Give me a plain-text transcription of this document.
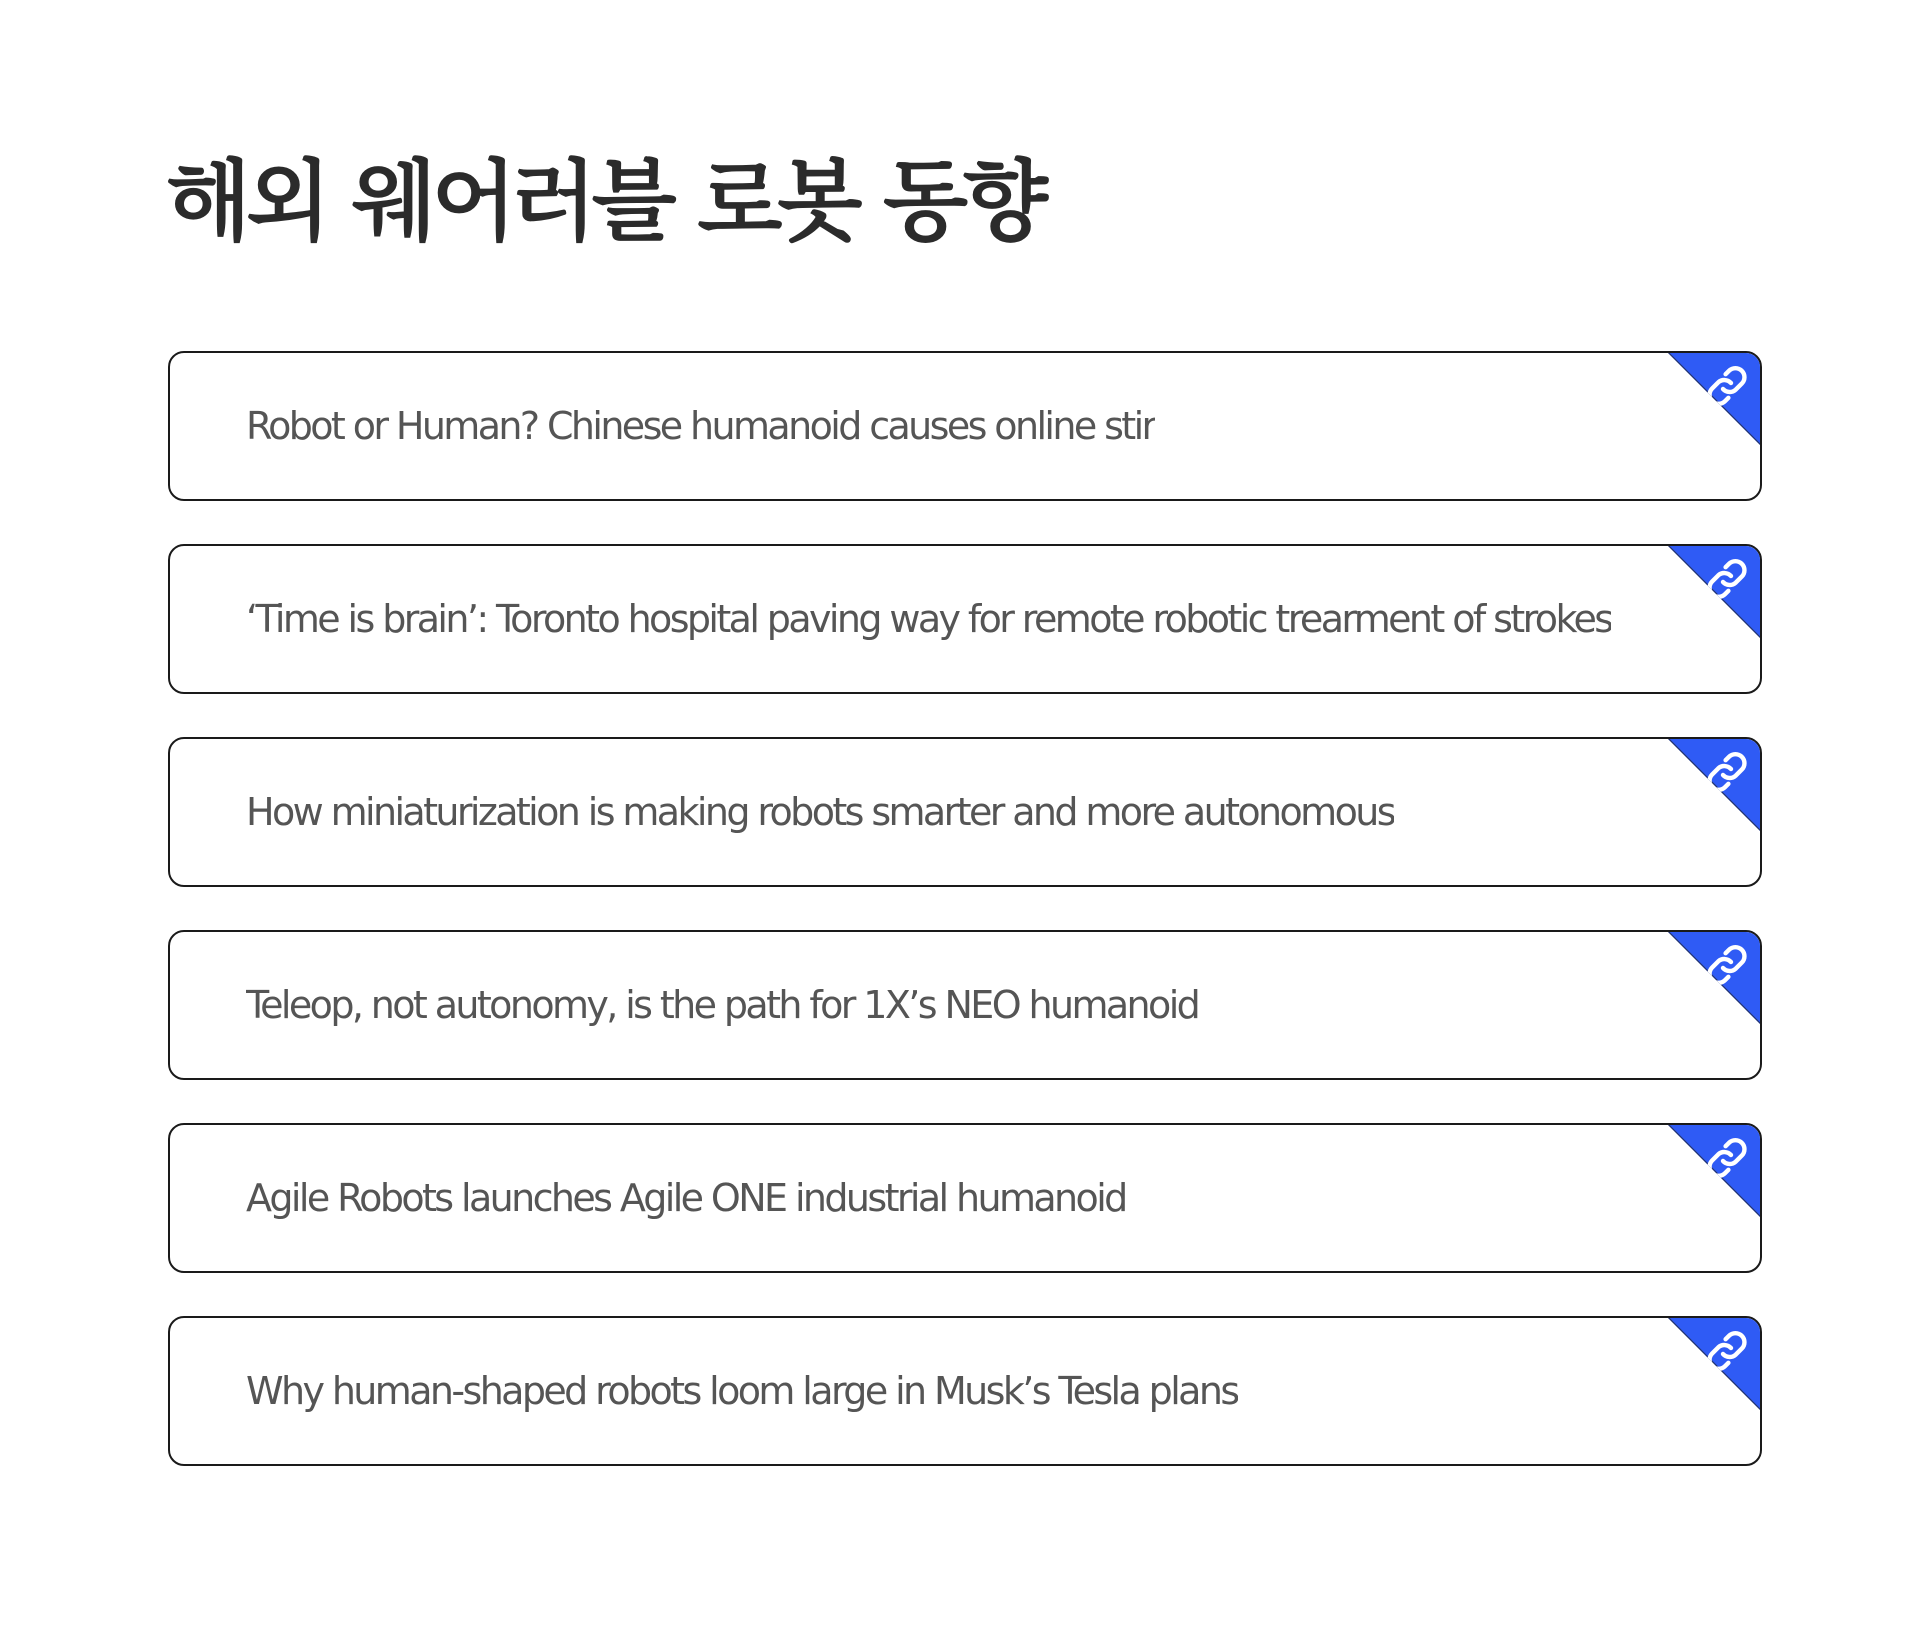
해외 웨어러블 로봇 동향
Robot or Human? Chinese humanoid causes online stir
‘Time is brain’: Toronto hospital paving way for remote robotic trearment of strokes
How miniaturization is making robots smarter and more autonomous
Teleop, not autonomy, is the path for 1X’s NEO humanoid
Agile Robots launches Agile ONE industrial humanoid
Why human-shaped robots loom large in Musk’s Tesla plans
